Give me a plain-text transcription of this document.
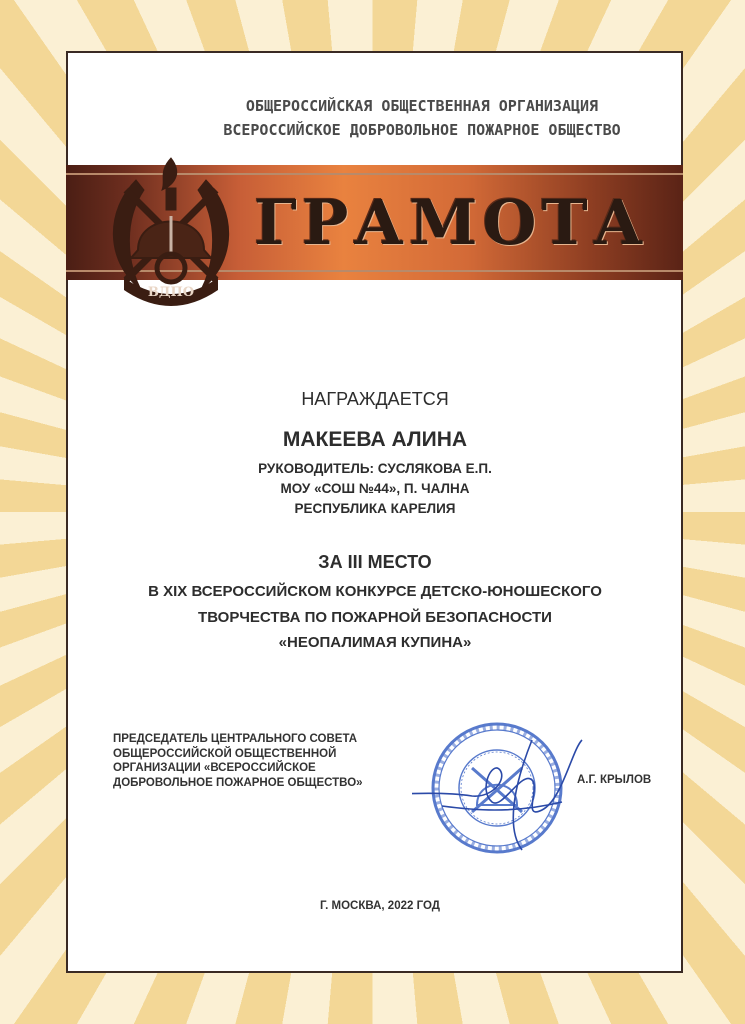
ОБЩЕРОССИЙСКАЯ ОБЩЕСТВЕННАЯ ОРГАНИЗАЦИЯ
ВСЕРОССИЙСКОЕ ДОБРОВОЛЬНОЕ ПОЖАРНОЕ ОБЩЕСТВО
ВДПО
ГРАМОТА
НАГРАЖДАЕТСЯ
МАКЕЕВА АЛИНА
РУКОВОДИТЕЛЬ: СУСЛЯКОВА Е.П.
МОУ «СОШ №44», П. ЧАЛНА
РЕСПУБЛИКА КАРЕЛИЯ
ЗА III МЕСТО
В XIX ВСЕРОССИЙСКОМ КОНКУРСЕ ДЕТСКО-ЮНОШЕСКОГО
ТВОРЧЕСТВА ПО ПОЖАРНОЙ БЕЗОПАСНОСТИ
«НЕОПАЛИМАЯ КУПИНА»
ПРЕДСЕДАТЕЛЬ ЦЕНТРАЛЬНОГО СОВЕТА
ОБЩЕРОССИЙСКОЙ ОБЩЕСТВЕННОЙ
ОРГАНИЗАЦИИ «ВСЕРОССИЙСКОЕ
ДОБРОВОЛЬНОЕ ПОЖАРНОЕ ОБЩЕСТВО»	А.Г. КРЫЛОВ
Г. МОСКВА, 2022 ГОД
